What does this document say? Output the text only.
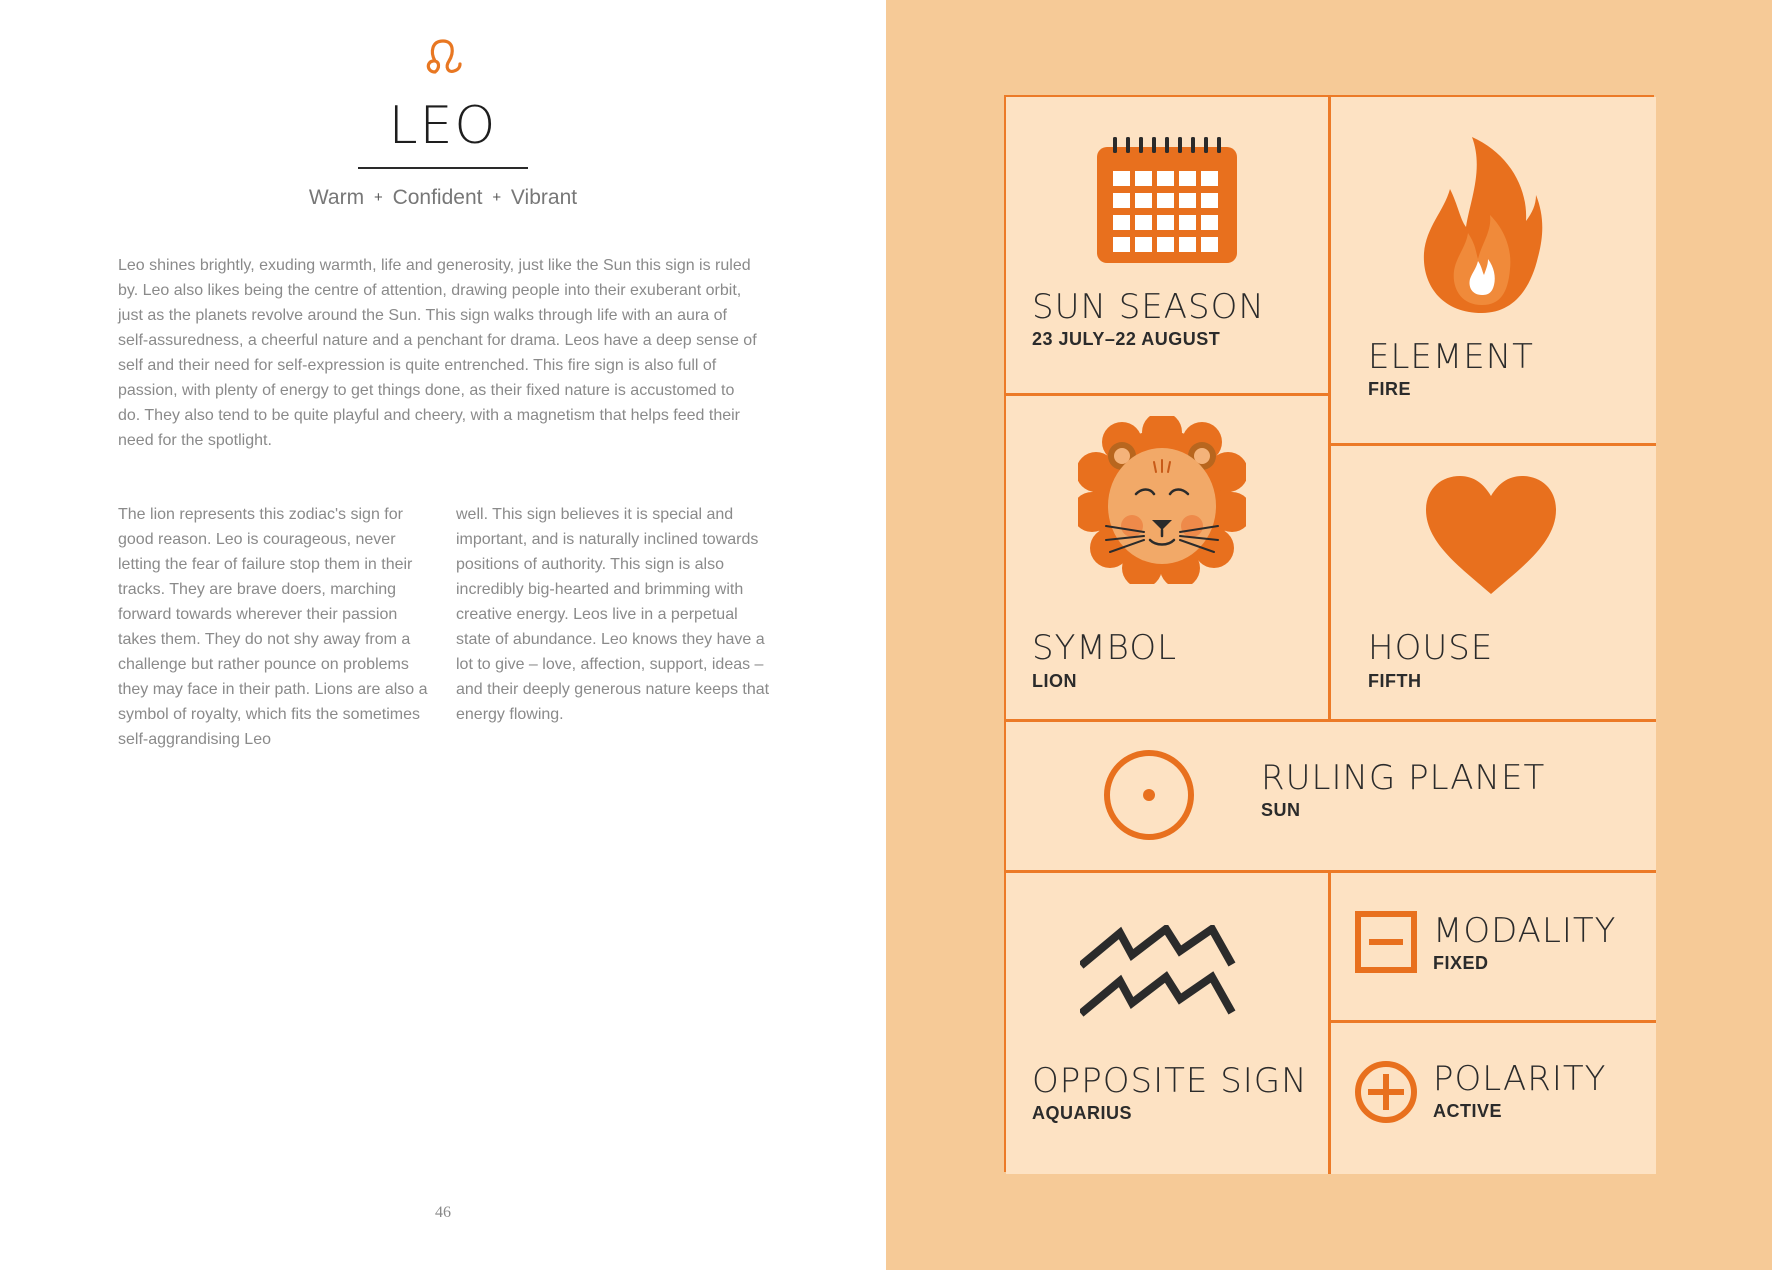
LEO
Warm + Confident + Vibrant

Leo shines brightly, exuding warmth, life and generosity, just like the Sun this sign is ruled by. Leo also likes being the centre of attention, drawing people into their exuberant orbit, just as the planets revolve around the Sun. This sign walks through life with an aura of self-assuredness, a cheerful nature and a penchant for drama. Leos have a deep sense of self and their need for self-expression is quite entrenched. This fire sign is also full of passion, with plenty of energy to get things done, as their fixed nature is accustomed to do. They also tend to be quite playful and cheery, with a magnetism that helps feed their need for the spotlight.

The lion represents this zodiac's sign for good reason. Leo is courageous, never letting the fear of failure stop them in their tracks. They are brave doers, marching forward towards wherever their passion takes them. They do not shy away from a challenge but rather pounce on problems they may face in their path. Lions are also a symbol of royalty, which fits the sometimes self-aggrandising Leo

well. This sign believes it is special and important, and is naturally inclined towards positions of authority. This sign is also incredibly big-hearted and brimming with creative energy. Leos live in a perpetual state of abundance. Leo knows they have a lot to give – love, affection, support, ideas – and their deeply generous nature keeps that energy flowing.

46
SUN SEASON
23 JULY–22 AUGUST	ELEMENT
FIRE
SYMBOL
LION
HOUSE
FIFTH
RULING PLANET
SUN
OPPOSITE SIGN
AQUARIUS
MODALITY
FIXED
POLARITY
ACTIVE
